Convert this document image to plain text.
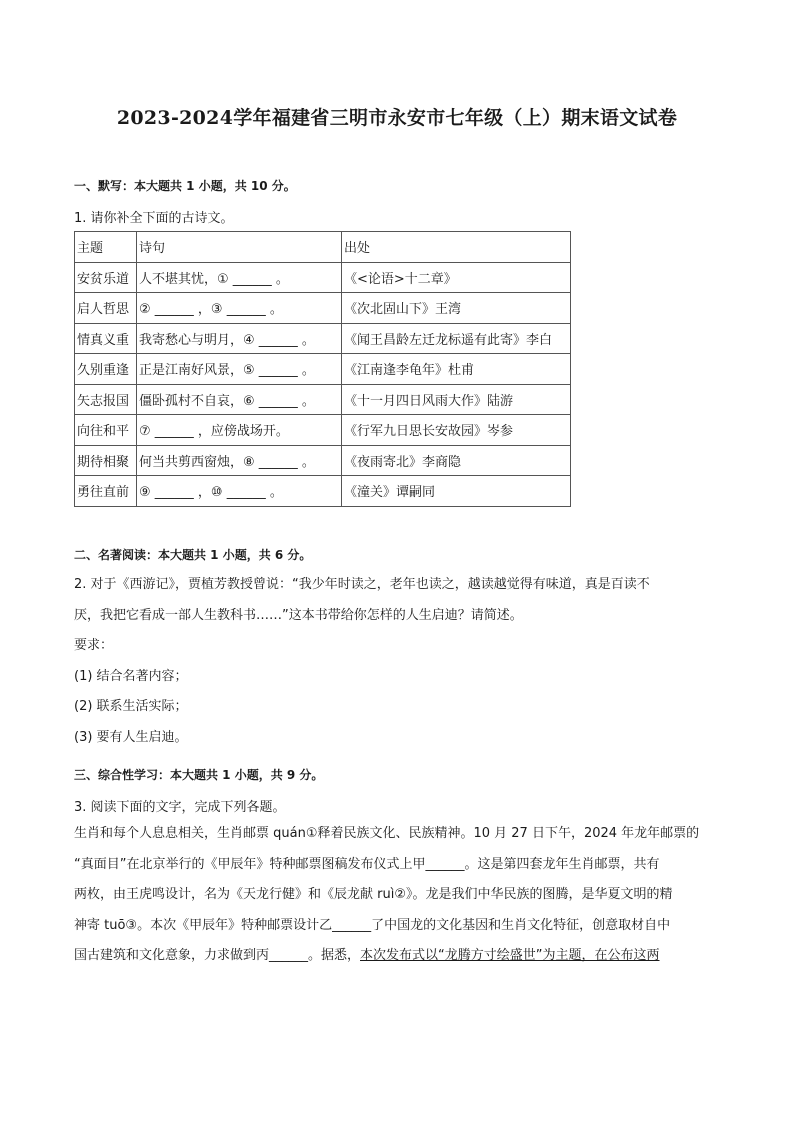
2023-2024学年福建省三明市永安市七年级（上）期末语文试卷
一、默写：本大题共 1 小题，共 10 分。
1. 请你补全下面的古诗文。
主题	诗句	出处
安贫乐道	人不堪其忧，① ______ 。	《<论语>十二章》
启人哲思	② ______ ，③ ______ 。	《次北固山下》王湾
情真义重	我寄愁心与明月，④ ______ 。	《闻王昌龄左迁龙标遥有此寄》李白
久别重逢	正是江南好风景，⑤ ______ 。	《江南逢李龟年》杜甫
矢志报国	僵卧孤村不自哀，⑥ ______ 。	《十一月四日风雨大作》陆游
向往和平	⑦ ______ ，应傍战场开。	《行军九日思长安故园》岑参
期待相聚	何当共剪西窗烛，⑧ ______ 。	《夜雨寄北》李商隐
勇往直前	⑨ ______ ，⑩ ______ 。	《潼关》谭嗣同
二、名著阅读：本大题共 1 小题，共 6 分。
2. 对于《西游记》，贾植芳教授曾说：“我少年时读之，老年也读之，越读越觉得有味道，真是百读不
厌，我把它看成一部人生教科书……”这本书带给你怎样的人生启迪？请简述。
要求：
(1) 结合名著内容；
(2) 联系生活实际；
(3) 要有人生启迪。
三、综合性学习：本大题共 1 小题，共 9 分。
3. 阅读下面的文字，完成下列各题。
生肖和每个人息息相关，生肖邮票 quán①释着民族文化、民族精神。10 月 27 日下午，2024 年龙年邮票的
“真面目”在北京举行的《甲辰年》特种邮票图稿发布仪式上甲______。这是第四套龙年生肖邮票，共有
两枚，由王虎鸣设计，名为《天龙行健》和《辰龙献 ruì②》。龙是我们中华民族的图腾，是华夏文明的精
神寄 tuō③。本次《甲辰年》特种邮票设计乙______了中国龙的文化基因和生肖文化特征，创意取材自中
国古建筑和文化意象，力求做到丙______。据悉，本次发布式以“龙腾方寸绘盛世”为主题，在公布这两
